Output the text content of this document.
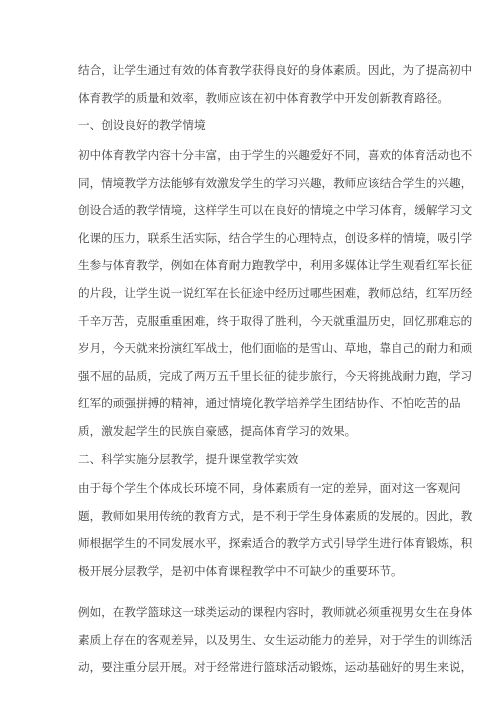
结合，让学生通过有效的体育教学获得良好的身体素质。因此，为了提高初中
体育教学的质量和效率，教师应该在初中体育教学中开发创新教育路径。
一、创设良好的教学情境
初中体育教学内容十分丰富，由于学生的兴趣爱好不同，喜欢的体育活动也不
同，情境教学方法能够有效激发学生的学习兴趣，教师应该结合学生的兴趣，
创设合适的教学情境，这样学生可以在良好的情境之中学习体育，缓解学习文
化课的压力，联系生活实际，结合学生的心理特点，创设多样的情境，吸引学
生参与体育教学，例如在体育耐力跑教学中，利用多媒体让学生观看红军长征
的片段，让学生说一说红军在长征途中经历过哪些困难，教师总结，红军历经
千辛万苦，克服重重困难，终于取得了胜利，今天就重温历史，回忆那难忘的
岁月，今天就来扮演红军战士，他们面临的是雪山、草地，靠自己的耐力和顽
强不屈的品质，完成了两万五千里长征的徒步旅行，今天将挑战耐力跑，学习
红军的顽强拼搏的精神，通过情境化教学培养学生团结协作、不怕吃苦的品
质，激发起学生的民族自豪感，提高体育学习的效果。
二、科学实施分层教学，提升课堂教学实效
由于每个学生个体成长环境不同，身体素质有一定的差异，面对这一客观问
题，教师如果用传统的教育方式，是不利于学生身体素质的发展的。因此，教
师根据学生的不同发展水平，探索适合的教学方式引导学生进行体育锻炼，积
极开展分层教学，是初中体育课程教学中不可缺少的重要环节。
例如，在教学篮球这一球类运动的课程内容时，教师就必须重视男女生在身体
素质上存在的客观差异，以及男生、女生运动能力的差异，对于学生的训练活
动，要注重分层开展。对于经常进行篮球活动锻炼，运动基础好的男生来说，
